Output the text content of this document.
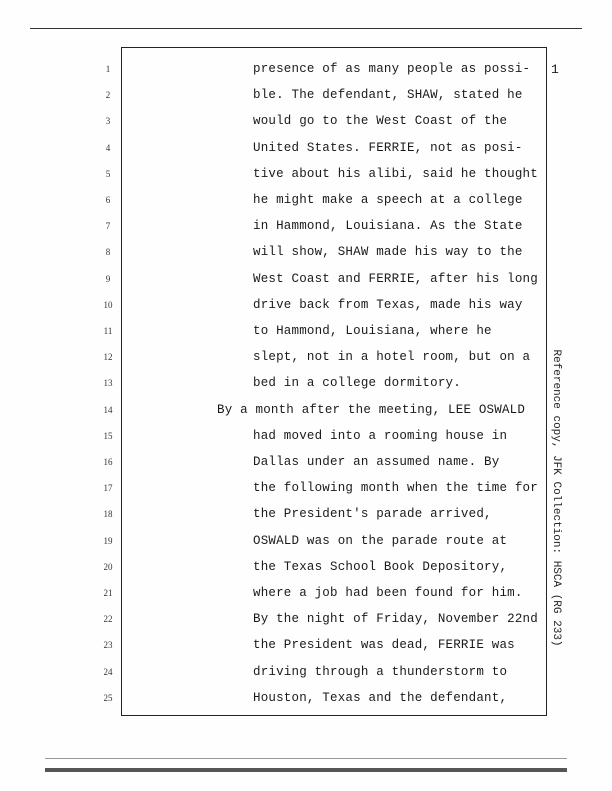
1
1
2
3
4
5
6
7
8
9
10
11
12
13
14
15
16
17
18
19
20
21
22
23
24
25
presence of as many people as possi-
ble. The defendant, SHAW, stated he
would go to the West Coast of the
United States. FERRIE, not as posi-
tive about his alibi, said he thought
he might make a speech at a college
in Hammond, Louisiana. As the State
will show, SHAW made his way to the
West Coast and FERRIE, after his long
drive back from Texas, made his way
to Hammond, Louisiana, where he
slept, not in a hotel room, but on a
bed in a college dormitory.
By a month after the meeting, LEE OSWALD
had moved into a rooming house in
Dallas under an assumed name. By
the following month when the time for
the President's parade arrived,
OSWALD was on the parade route at
the Texas School Book Depository,
where a job had been found for him.
By the night of Friday, November 22nd
the President was dead, FERRIE was
driving through a thunderstorm to
Houston, Texas and the defendant,
Reference copy, JFK Collection: HSCA (RG 233)
